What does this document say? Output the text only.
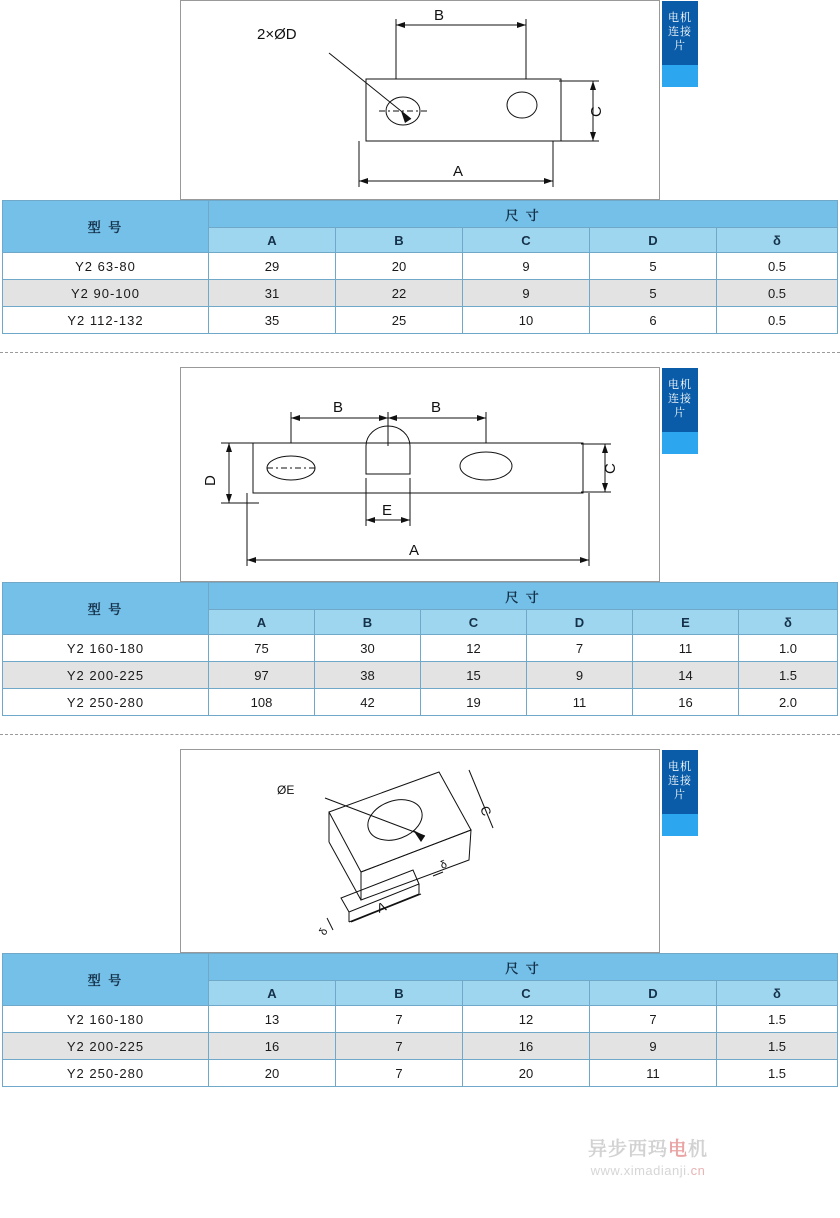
B
A
C
2×ØD
电机连接片
型 号	尺 寸				
	A	B	C	D	δ
Y2 63-80	29	20	9	5	0.5
Y2 90-100	31	22	9	5	0.5
Y2 112-132	35	25	10	6	0.5
B	B
A
C
D
E
电机连接片
型 号	尺 寸					
	A	B	C	D	E	δ
Y2 160-180	75	30	12	7	11	1.0
Y2 200-225	97	38	15	9	14	1.5
Y2 250-280	108	42	19	11	16	2.0
ØE
C
A
δ
δ
电机连接片
型 号	尺 寸				
	A	B	C	D	δ
Y2 160-180	13	7	12	7	1.5
Y2 200-225	16	7	16	9	1.5
Y2 250-280	20	7	20	11	1.5
异步西玛电机
www.ximadianji.cn
